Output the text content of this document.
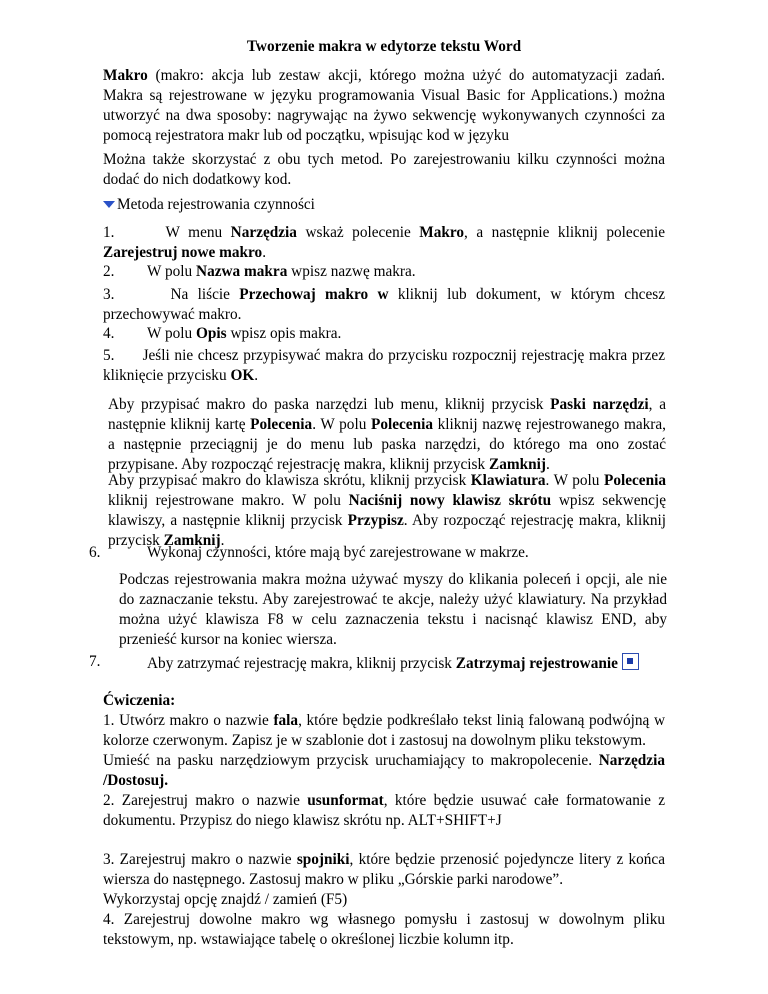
Tworzenie makra w edytorze tekstu Word

Makro (makro: akcja lub zestaw akcji, którego można użyć do automatyzacji zadań. Makra są rejestrowane w języku programowania Visual Basic for Applications.) można utworzyć na dwa sposoby: nagrywając na żywo sekwencję wykonywanych czynności za pomocą rejestratora makr lub od początku, wpisując kod w języku

Można także skorzystać z obu tych metod. Po zarejestrowaniu kilku czynności można dodać do nich dodatkowy kod.

Metoda rejestrowania czynności
1.	W menu Narzędzia wskaż polecenie Makro, a następnie kliknij polecenie Zarejestruj nowe makro.
2. W polu Nazwa makra wpisz nazwę makra.
3.	Na liście Przechowaj makro w kliknij lub dokument, w którym chcesz przechowywać makro.
4. W polu Opis wpisz opis makra.
5. Jeśli nie chcesz przypisywać makra do przycisku rozpocznij rejestrację makra przez kliknięcie przycisku OK.

Aby przypisać makro do paska narzędzi lub menu, kliknij przycisk Paski narzędzi, a następnie kliknij kartę Polecenia. W polu Polecenia kliknij nazwę rejestrowanego makra, a następnie przeciągnij je do menu lub paska narzędzi, do którego ma ono zostać przypisane. Aby rozpocząć rejestrację makra, kliknij przycisk Zamknij.

Aby przypisać makro do klawisza skrótu, kliknij przycisk Klawiatura. W polu Polecenia kliknij rejestrowane makro. W polu Naciśnij nowy klawisz skrótu wpisz sekwencję klawiszy, a następnie kliknij przycisk Przypisz. Aby rozpocząć rejestrację makra, kliknij przycisk Zamknij.

6.	Wykonaj czynności, które mają być zarejestrowane w makrze.

Podczas rejestrowania makra można używać myszy do klikania poleceń i opcji, ale nie do zaznaczanie tekstu. Aby zarejestrować te akcje, należy użyć klawiatury. Na przykład można użyć klawisza F8 w celu zaznaczenia tekstu i nacisnąć klawisz END, aby przenieść kursor na koniec wiersza.

7.	Aby zatrzymać rejestrację makra, kliknij przycisk Zatrzymaj rejestrowanie
Ćwiczenia:
1. Utwórz makro o nazwie fala, które będzie podkreślało tekst linią falowaną podwójną w kolorze czerwonym. Zapisz je w szablonie dot i zastosuj na dowolnym pliku tekstowym.
Umieść na pasku narzędziowym przycisk uruchamiający to makropolecenie. Narzędzia /Dostosuj.
2. Zarejestruj makro o nazwie usunformat, które będzie usuwać całe formatowanie z dokumentu. Przypisz do niego klawisz skrótu np. ALT+SHIFT+J

3. Zarejestruj makro o nazwie spojniki, które będzie przenosić pojedyncze litery z końca wiersza do następnego. Zastosuj makro w pliku „Górskie parki narodowe”.
Wykorzystaj opcję znajdź / zamień (F5)
4. Zarejestruj dowolne makro wg własnego pomysłu i zastosuj w dowolnym pliku tekstowym, np. wstawiające tabelę o określonej liczbie kolumn itp.
